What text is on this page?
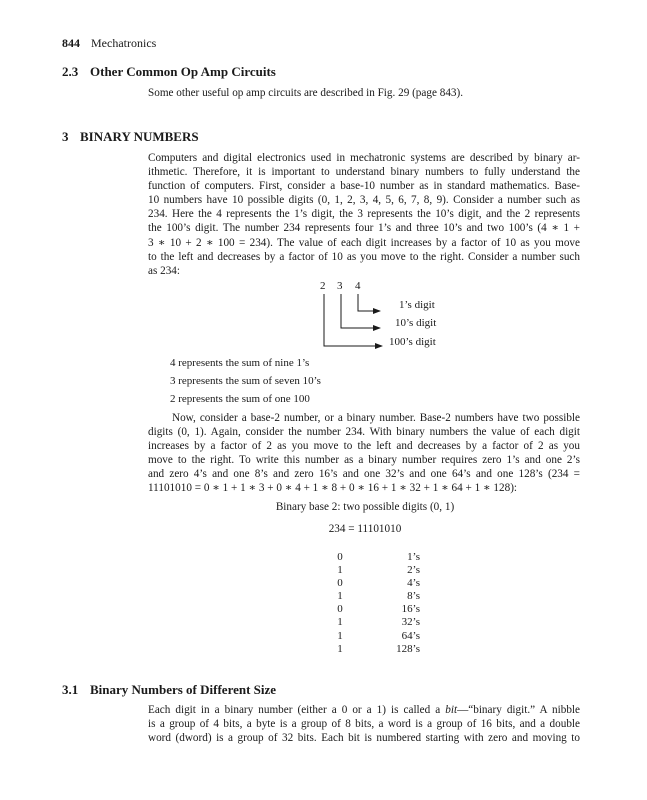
844 Mechatronics
2.3 Other Common Op Amp Circuits
Some other useful op amp circuits are described in Fig. 29 (page 843).
3 BINARY NUMBERS
Computers and digital electronics used in mechatronic systems are described by binary ar-
ithmetic. Therefore, it is important to understand binary numbers to fully understand the
function of computers. First, consider a base-10 number as in standard mathematics. Base-
10 numbers have 10 possible digits (0, 1, 2, 3, 4, 5, 6, 7, 8, 9). Consider a number such as
234. Here the 4 represents the 1’s digit, the 3 represents the 10’s digit, and the 2 represents
the 100’s digit. The number 234 represents four 1’s and three 10’s and two 100’s (4 ∗ 1 +
3 ∗ 10 + 2 ∗ 100 = 234). The value of each digit increases by a factor of 10 as you move
to the left and decreases by a factor of 10 as you move to the right. Consider a number such
as 234:
2 3 4
1’s digit
10’s digit
100’s digit
4 represents the sum of nine 1’s
3 represents the sum of seven 10’s
2 represents the sum of one 100
Now, consider a base-2 number, or a binary number. Base-2 numbers have two possible
digits (0, 1). Again, consider the number 234. With binary numbers the value of each digit
increases by a factor of 2 as you move to the left and decreases by a factor of 2 as you
move to the right. To write this number as a binary number requires zero 1’s and one 2’s
and zero 4’s and one 8’s and zero 16’s and one 32’s and one 64’s and one 128’s (234 =
11101010 = 0 ∗ 1 + 1 ∗ 3 + 0 ∗ 4 + 1 ∗ 8 + 0 ∗ 16 + 1 ∗ 32 + 1 ∗ 64 + 1 ∗ 128):
Binary base 2: two possible digits (0, 1)
234 = 11101010
0		1’s
1		2’s
0		4’s
1		8’s
0		16’s
1		32’s
1		64’s
1		128’s
3.1 Binary Numbers of Different Size
Each digit in a binary number (either a 0 or a 1) is called a bit—“binary digit.” A nibble
is a group of 4 bits, a byte is a group of 8 bits, a word is a group of 16 bits, and a double
word (dword) is a group of 32 bits. Each bit is numbered starting with zero and moving to
